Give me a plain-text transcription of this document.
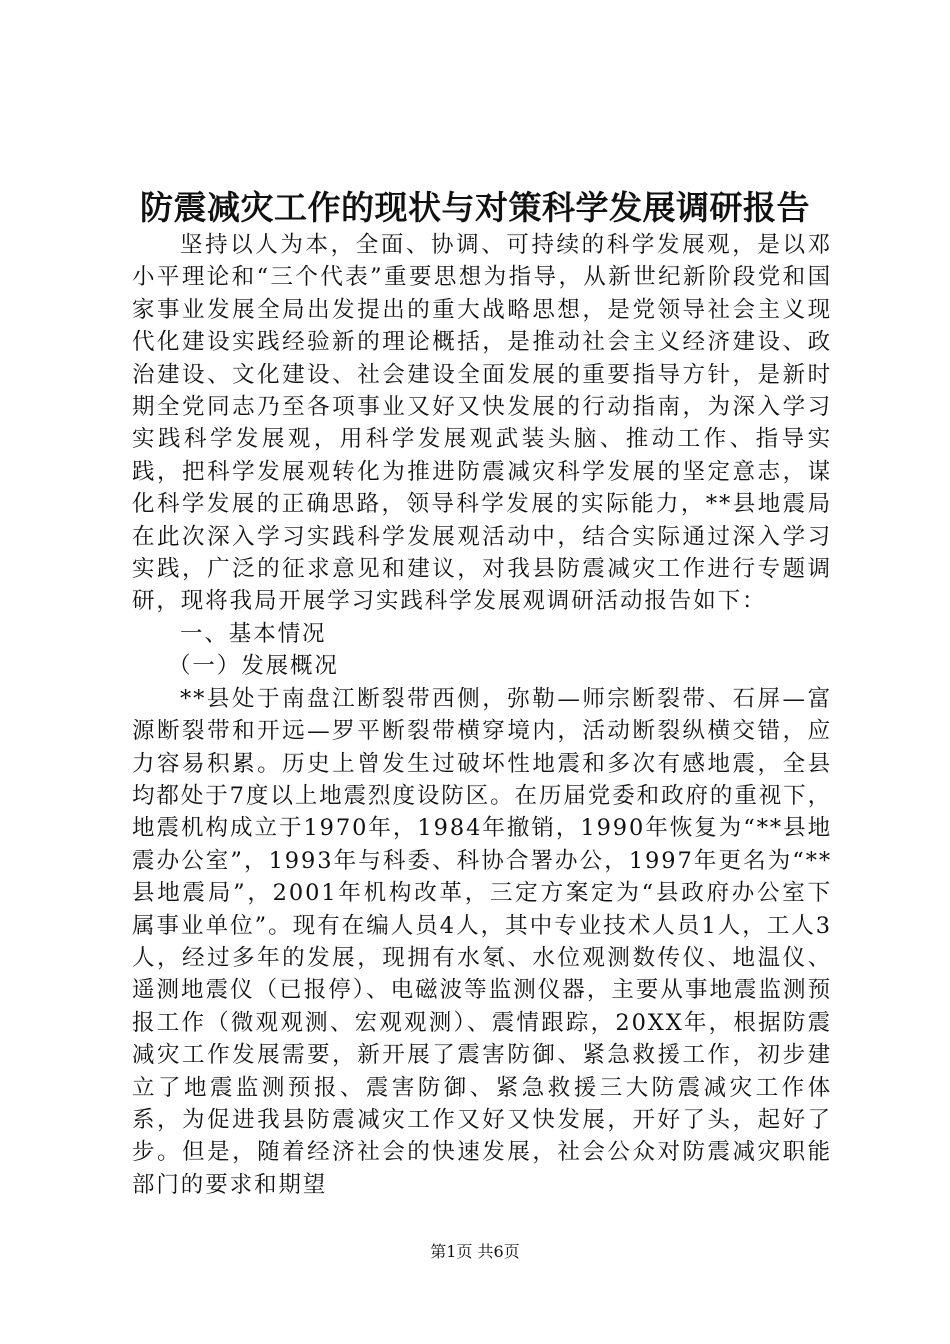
防震减灾工作的现状与对策科学发展调研报告

坚持以人为本，全面、协调、可持续的科学发展观，是以邓小平理论和“三个代表”重要思想为指导，从新世纪新阶段党和国家事业发展全局出发提出的重大战略思想，是党领导社会主义现代化建设实践经验新的理论概括，是推动社会主义经济建设、政治建设、文化建设、社会建设全面发展的重要指导方针，是新时期全党同志乃至各项事业又好又快发展的行动指南，为深入学习实践科学发展观，用科学发展观武装头脑、推动工作、指导实践，把科学发展观转化为推进防震减灾科学发展的坚定意志，谋化科学发展的正确思路，领导科学发展的实际能力，**县地震局在此次深入学习实践科学发展观活动中，结合实际通过深入学习实践，广泛的征求意见和建议，对我县防震减灾工作进行专题调研，现将我局开展学习实践科学发展观调研活动报告如下：

一、基本情况

（一）发展概况

**县处于南盘江断裂带西侧，弥勒—师宗断裂带、石屏—富源断裂带和开远—罗平断裂带横穿境内，活动断裂纵横交错，应力容易积累。历史上曾发生过破坏性地震和多次有感地震，全县均都处于7度以上地震烈度设防区。在历届党委和政府的重视下，地震机构成立于1970年，1984年撤销，1990年恢复为“**县地震办公室”，1993年与科委、科协合署办公，1997年更名为“**县地震局”，2001年机构改革，三定方案定为“县政府办公室下属事业单位”。现有在编人员4人，其中专业技术人员1人，工人3人，经过多年的发展，现拥有水氡、水位观测数传仪、地温仪、遥测地震仪（已报停）、电磁波等监测仪器，主要从事地震监测预报工作（微观观测、宏观观测）、震情跟踪，20XX年，根据防震减灾工作发展需要，新开展了震害防御、紧急救援工作，初步建立了地震监测预报、震害防御、紧急救援三大防震减灾工作体系，为促进我县防震减灾工作又好又快发展，开好了头，起好了步。但是，随着经济社会的快速发展，社会公众对防震减灾职能部门的要求和期望

第1页 共6页
